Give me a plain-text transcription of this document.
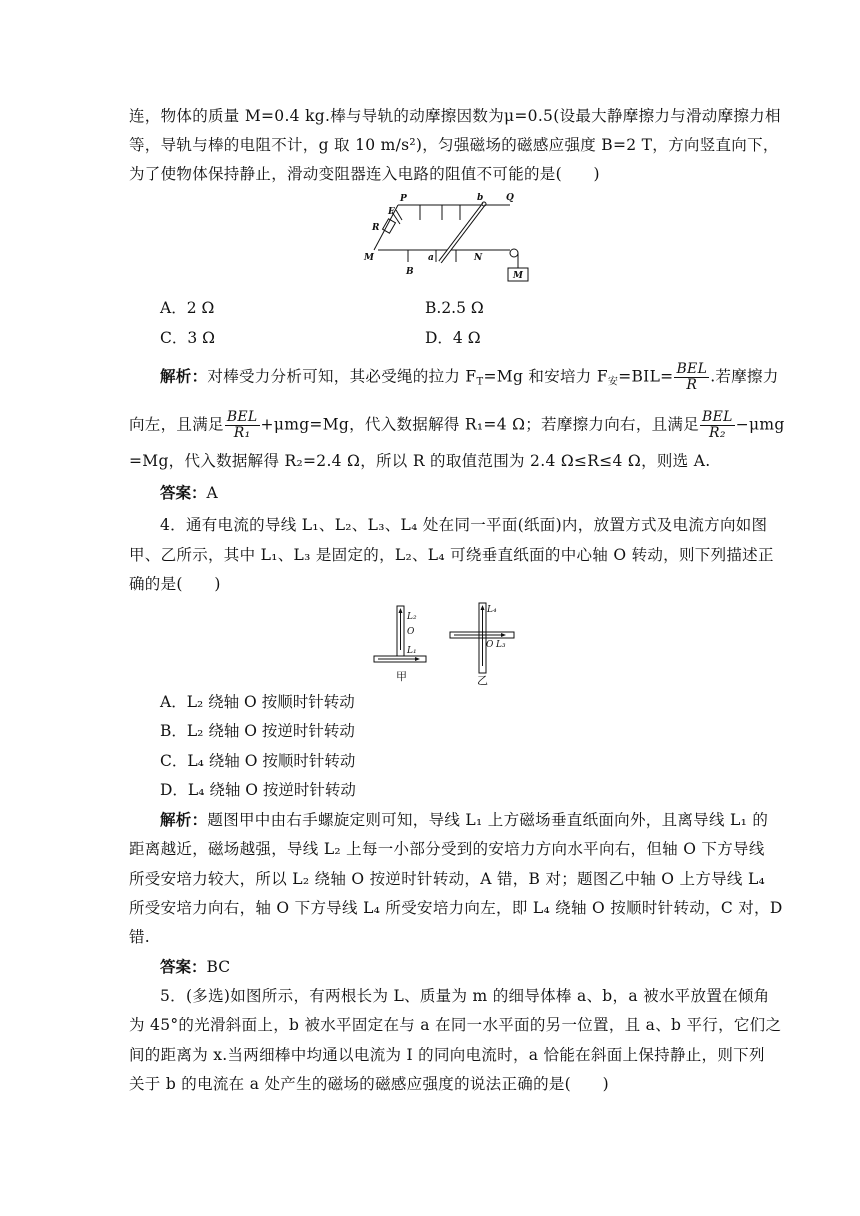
连，物体的质量 M=0.4 kg.棒与导轨的动摩擦因数为μ=0.5(设最大静摩擦力与滑动摩擦力相
等，导轨与棒的电阻不计，g 取 10 m/s²)，匀强磁场的磁感应强度 B=2 T，方向竖直向下，
为了使物体保持静止，滑动变阻器连入电路的阻值不可能的是(　　)
P	b	Q
E
R
M
B
a	N
M
A．2 Ω	B.2.5 Ω
C．3 Ω	D．4 Ω
解析：对棒受力分析可知，其必受绳的拉力 $F_T=Mg$ 和安培力 $F_安=BIL= \frac{\text{BEL}}{R}$ .若摩擦力
向左，且满足 $\frac{\text{BEL}}{\text{R₁}} +\mu mg=Mg$，代入数据解得 R₁=4 Ω；若摩擦力向右，且满足 $\frac{\text{BEL}}{\text{R₂}} -\mu mg$
=Mg，代入数据解得 R₂=2.4 Ω，所以 R 的取值范围为 2.4 Ω≤R≤4 Ω，则选 A.
答案：A
4．通有电流的导线 L₁、L₂、L₃、L₄ 处在同一平面(纸面)内，放置方式及电流方向如图
甲、乙所示，其中 L₁、L₃ 是固定的，L₂、L₄ 可绕垂直纸面的中心轴 O 转动，则下列描述正
确的是(　　)
L₂
O
L₁
L₄
O L₃
甲	乙
A．L₂ 绕轴 O 按顺时针转动
B．L₂ 绕轴 O 按逆时针转动
C．L₄ 绕轴 O 按顺时针转动
D．L₄ 绕轴 O 按逆时针转动
解析：题图甲中由右手螺旋定则可知，导线 L₁ 上方磁场垂直纸面向外，且离导线 L₁ 的
距离越近，磁场越强，导线 L₂ 上每一小部分受到的安培力方向水平向右，但轴 O 下方导线
所受安培力较大，所以 L₂ 绕轴 O 按逆时针转动，A 错，B 对；题图乙中轴 O 上方导线 L₄
所受安培力向右，轴 O 下方导线 L₄ 所受安培力向左，即 L₄ 绕轴 O 按顺时针转动，C 对，D
错.
答案：BC
5．(多选)如图所示，有两根长为 L、质量为 m 的细导体棒 a、b，a 被水平放置在倾角
为 45°的光滑斜面上，b 被水平固定在与 a 在同一水平面的另一位置，且 a、b 平行，它们之
间的距离为 x.当两细棒中均通以电流为 I 的同向电流时，a 恰能在斜面上保持静止，则下列
关于 b 的电流在 a 处产生的磁场的磁感应强度的说法正确的是(　　)
